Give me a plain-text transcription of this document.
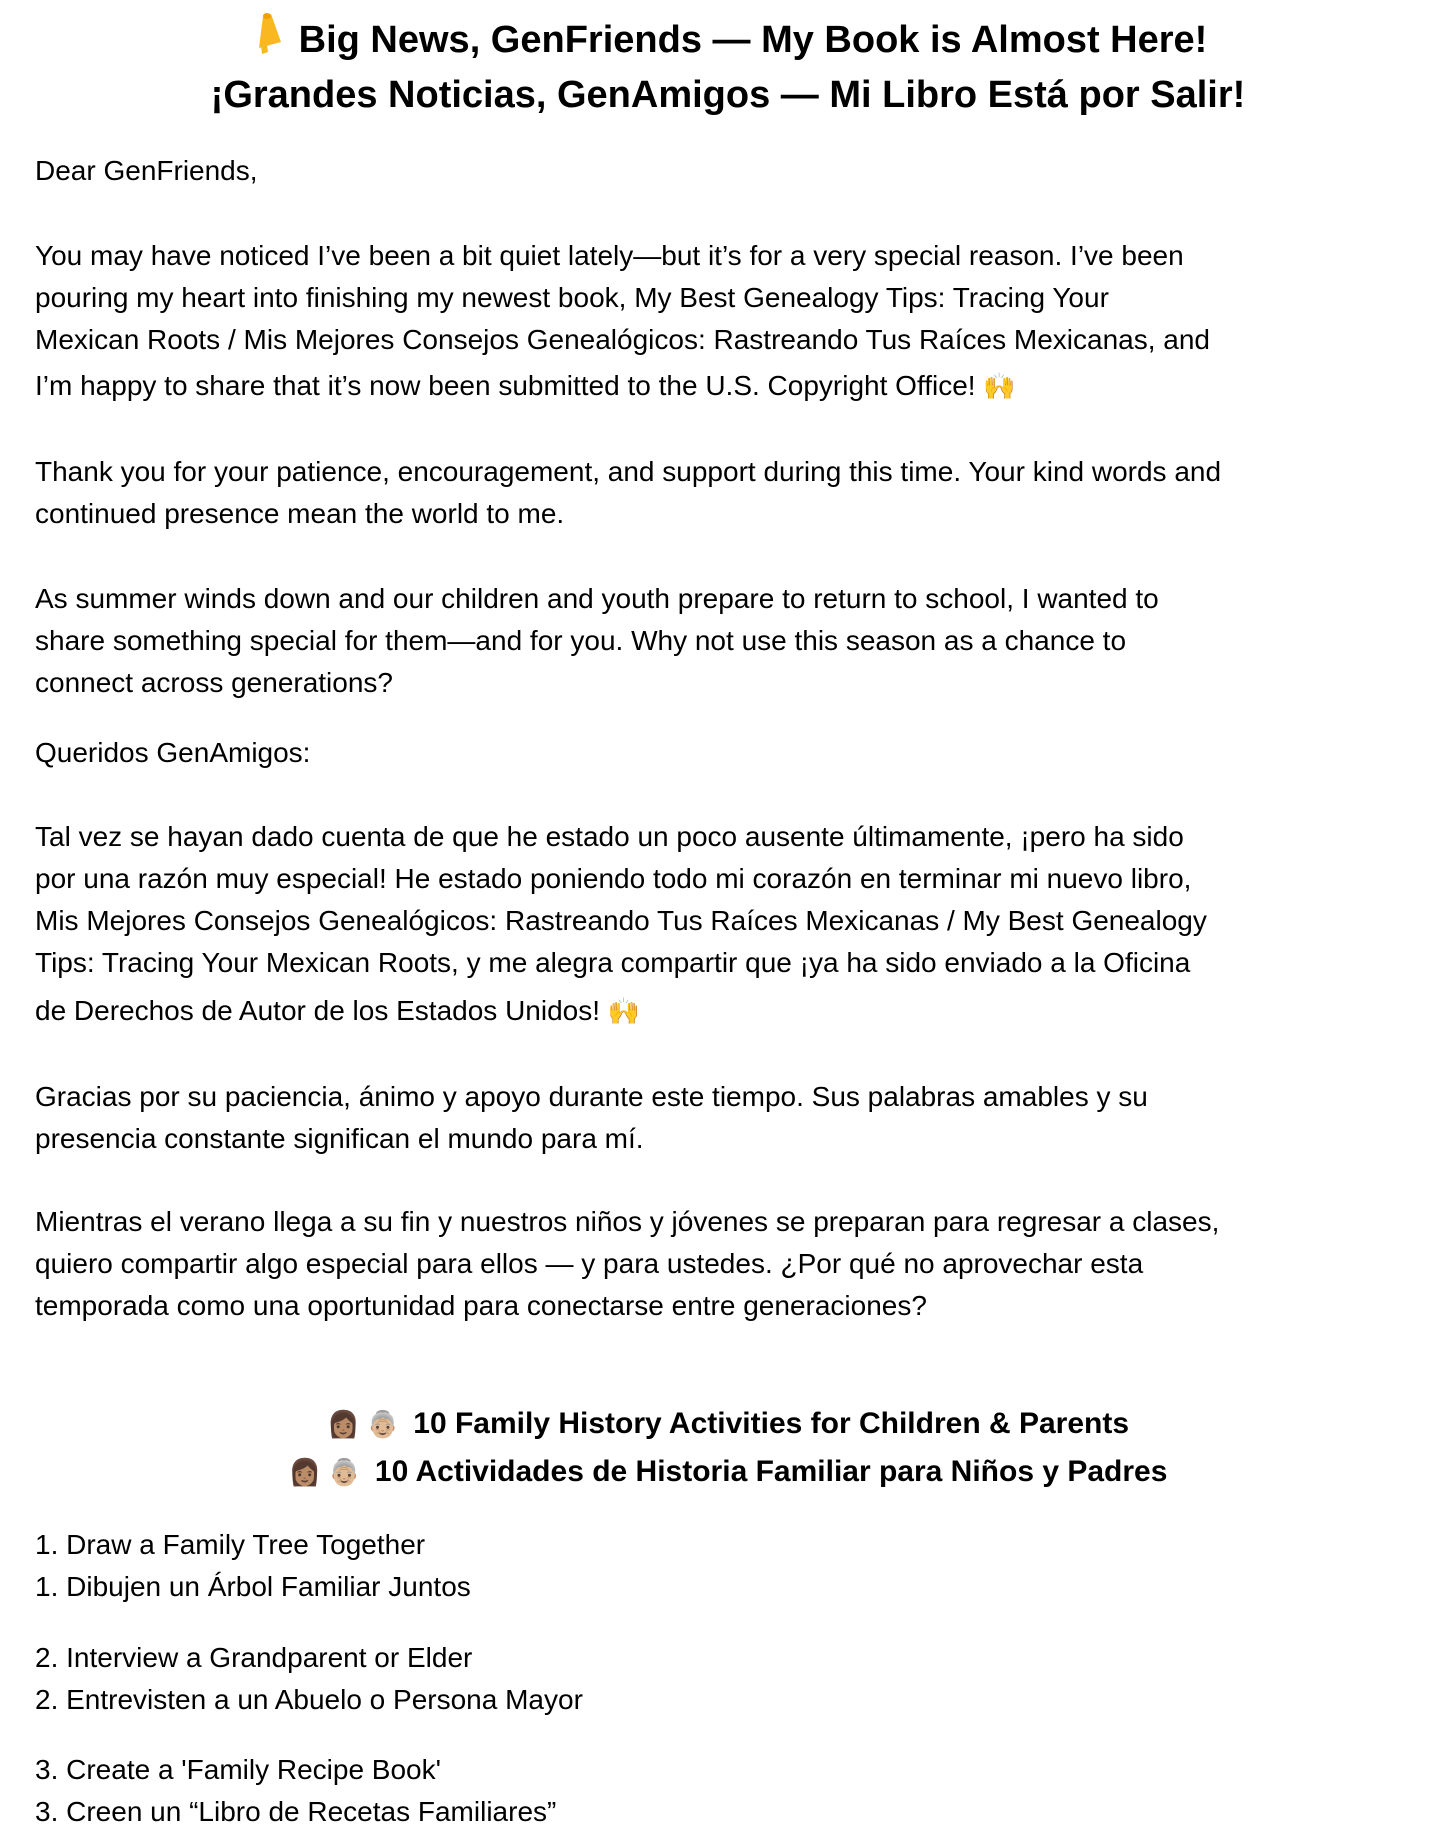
Big News, GenFriends — My Book is Almost Here!
¡Grandes Noticias, GenAmigos — Mi Libro Está por Salir!
Dear GenFriends,
You may have noticed I’ve been a bit quiet lately—but it’s for a very special reason. I’ve been
pouring my heart into finishing my newest book, My Best Genealogy Tips: Tracing Your
Mexican Roots / Mis Mejores Consejos Genealógicos: Rastreando Tus Raíces Mexicanas, and
I’m happy to share that it’s now been submitted to the U.S. Copyright Office! 🙌
Thank you for your patience, encouragement, and support during this time. Your kind words and
continued presence mean the world to me.
As summer winds down and our children and youth prepare to return to school, I wanted to
share something special for them—and for you. Why not use this season as a chance to
connect across generations?
Queridos GenAmigos:
Tal vez se hayan dado cuenta de que he estado un poco ausente últimamente, ¡pero ha sido
por una razón muy especial! He estado poniendo todo mi corazón en terminar mi nuevo libro,
Mis Mejores Consejos Genealógicos: Rastreando Tus Raíces Mexicanas / My Best Genealogy
Tips: Tracing Your Mexican Roots, y me alegra compartir que ¡ya ha sido enviado a la Oficina
de Derechos de Autor de los Estados Unidos! 🙌
Gracias por su paciencia, ánimo y apoyo durante este tiempo. Sus palabras amables y su
presencia constante significan el mundo para mí.
Mientras el verano llega a su fin y nuestros niños y jóvenes se preparan para regresar a clases,
quiero compartir algo especial para ellos — y para ustedes. ¿Por qué no aprovechar esta
temporada como una oportunidad para conectarse entre generaciones?
👩🏽 👵🏼 10 Family History Activities for Children & Parents
👩🏽 👵🏼 10 Actividades de Historia Familiar para Niños y Padres
1. Draw a Family Tree Together
1. Dibujen un Árbol Familiar Juntos
2. Interview a Grandparent or Elder
2. Entrevisten a un Abuelo o Persona Mayor
3. Create a 'Family Recipe Book'
3. Creen un “Libro de Recetas Familiares”
